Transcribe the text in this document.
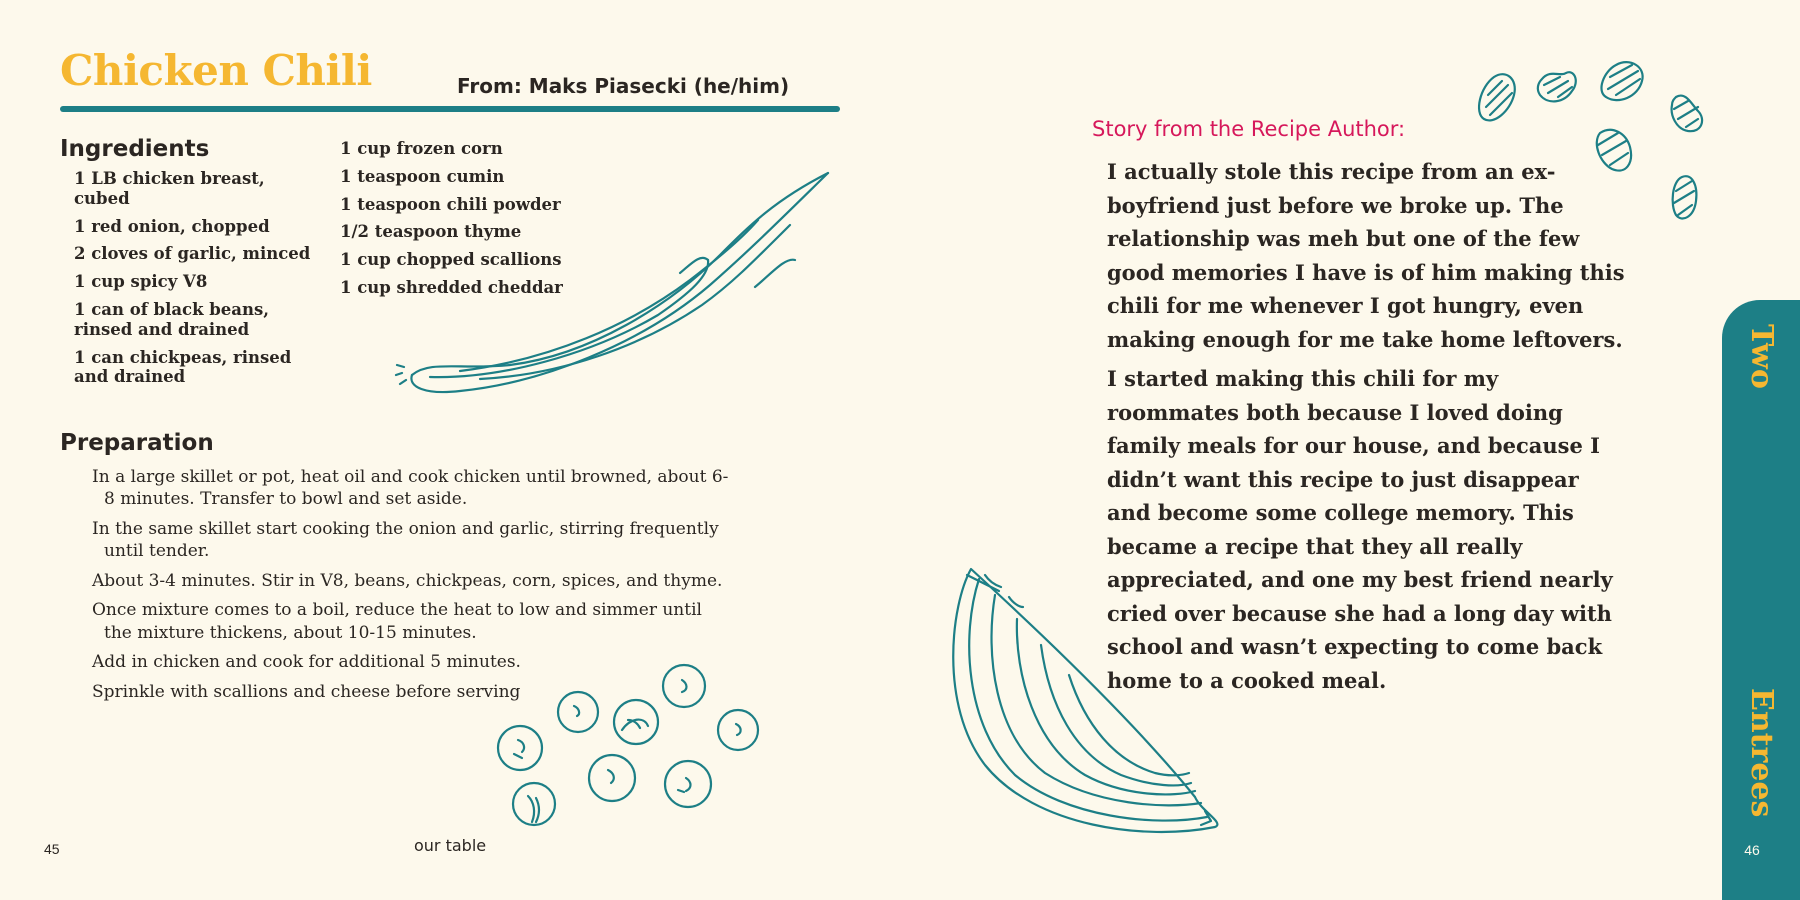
Chicken Chili	From: Maks Piasecki (he/him)
Ingredients
1 LB chicken breast, cubed
1 red onion, chopped
2 cloves of garlic, minced
1 cup spicy V8
1 can of black beans, rinsed and drained
1 can chickpeas, rinsed and drained
1 cup frozen corn
1 teaspoon cumin
1 teaspoon chili powder
1/2 teaspoon thyme
1 cup chopped scallions
1 cup shredded cheddar
Preparation
In a large skillet or pot, heat oil and cook chicken until browned, about 6-8 minutes. Transfer to bowl and set aside.
In the same skillet start cooking the onion and garlic, stirring frequently until tender.
About 3-4 minutes. Stir in V8, beans, chickpeas, corn, spices, and thyme.
Once mixture comes to a boil, reduce the heat to low and simmer until the mixture thickens, about 10-15 minutes.
Add in chicken and cook for additional 5 minutes.
Sprinkle with scallions and cheese before serving
45	our table
Story from the Recipe Author:

I actually stole this recipe from an ex-boyfriend just before we broke up. The relationship was meh but one of the few good memories I have is of him making this chili for me whenever I got hungry, even making enough for me take home leftovers.

I started making this chili for my roommates both because I loved doing family meals for our house, and because I didn’t want this recipe to just disappear and become some college memory. This became a recipe that they all really appreciated, and one my best friend nearly cried over because she had a long day with school and wasn’t expecting to come back home to a cooked meal.

Two
Entrees
46
